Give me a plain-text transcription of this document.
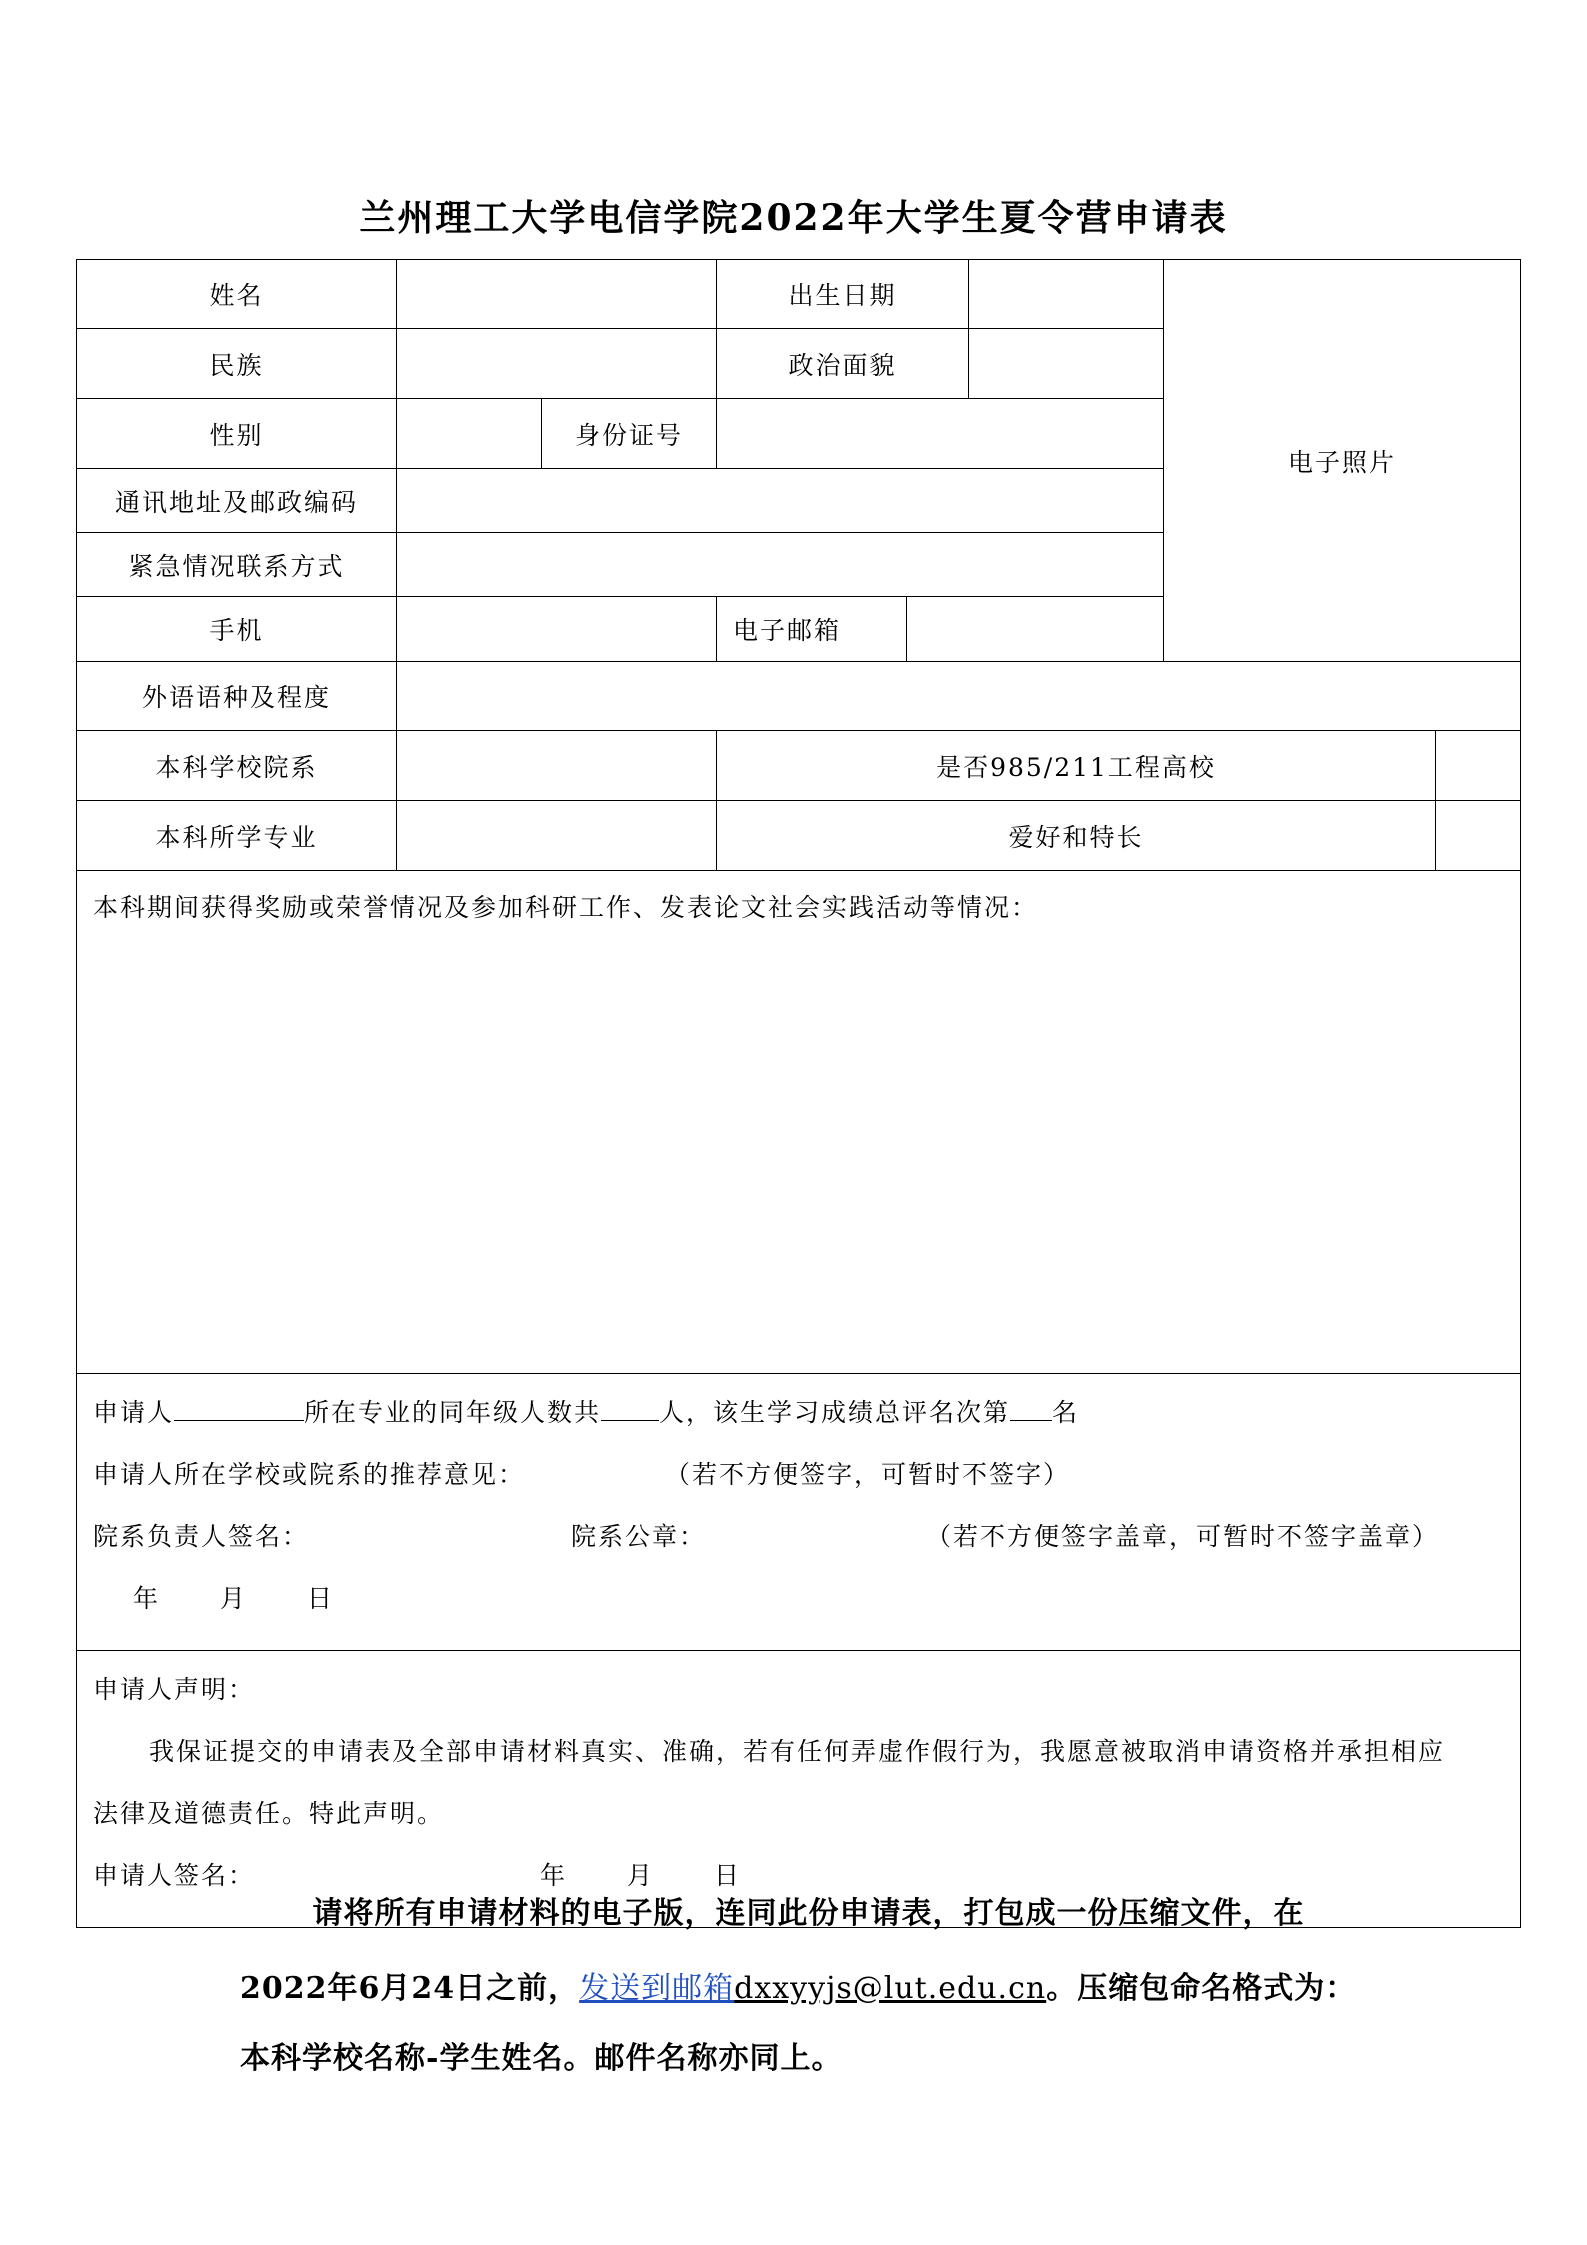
兰州理工大学电信学院2022年大学生夏令营申请表
姓名			出生日期			电子照片	
民族			政治面貌				
性别		身份证号					
通讯地址及邮政编码							
紧急情况联系方式							
手机			电子邮箱				
外语语种及程度							
本科学校院系			是否985/211工程高校				
本科所学专业			爱好和特长				

本科期间获得奖励或荣誉情况及参加科研工作、发表论文社会实践活动等情况：							

申请人 所在专业的同年级人数共 人，该生学习成绩总评名次第 名
申请人所在学校或院系的推荐意见： （若不方便签字，可暂时不签字）
院系负责人签名： 院系公章： （若不方便签字盖章，可暂时不签字盖章）
年 月 日							

申请人声明：
我保证提交的申请表及全部申请材料真实、准确，若有任何弄虚作假行为，我愿意被取消申请资格并承担相应
法律及道德责任。特此声明。
申请人签名： 年 月 日							
请将所有申请材料的电子版，连同此份申请表，打包成一份压缩文件，在
2022年6月24日之前，发送到邮箱dxxyyjs@lut.edu.cn。压缩包命名格式为：
本科学校名称-学生姓名。邮件名称亦同上。
